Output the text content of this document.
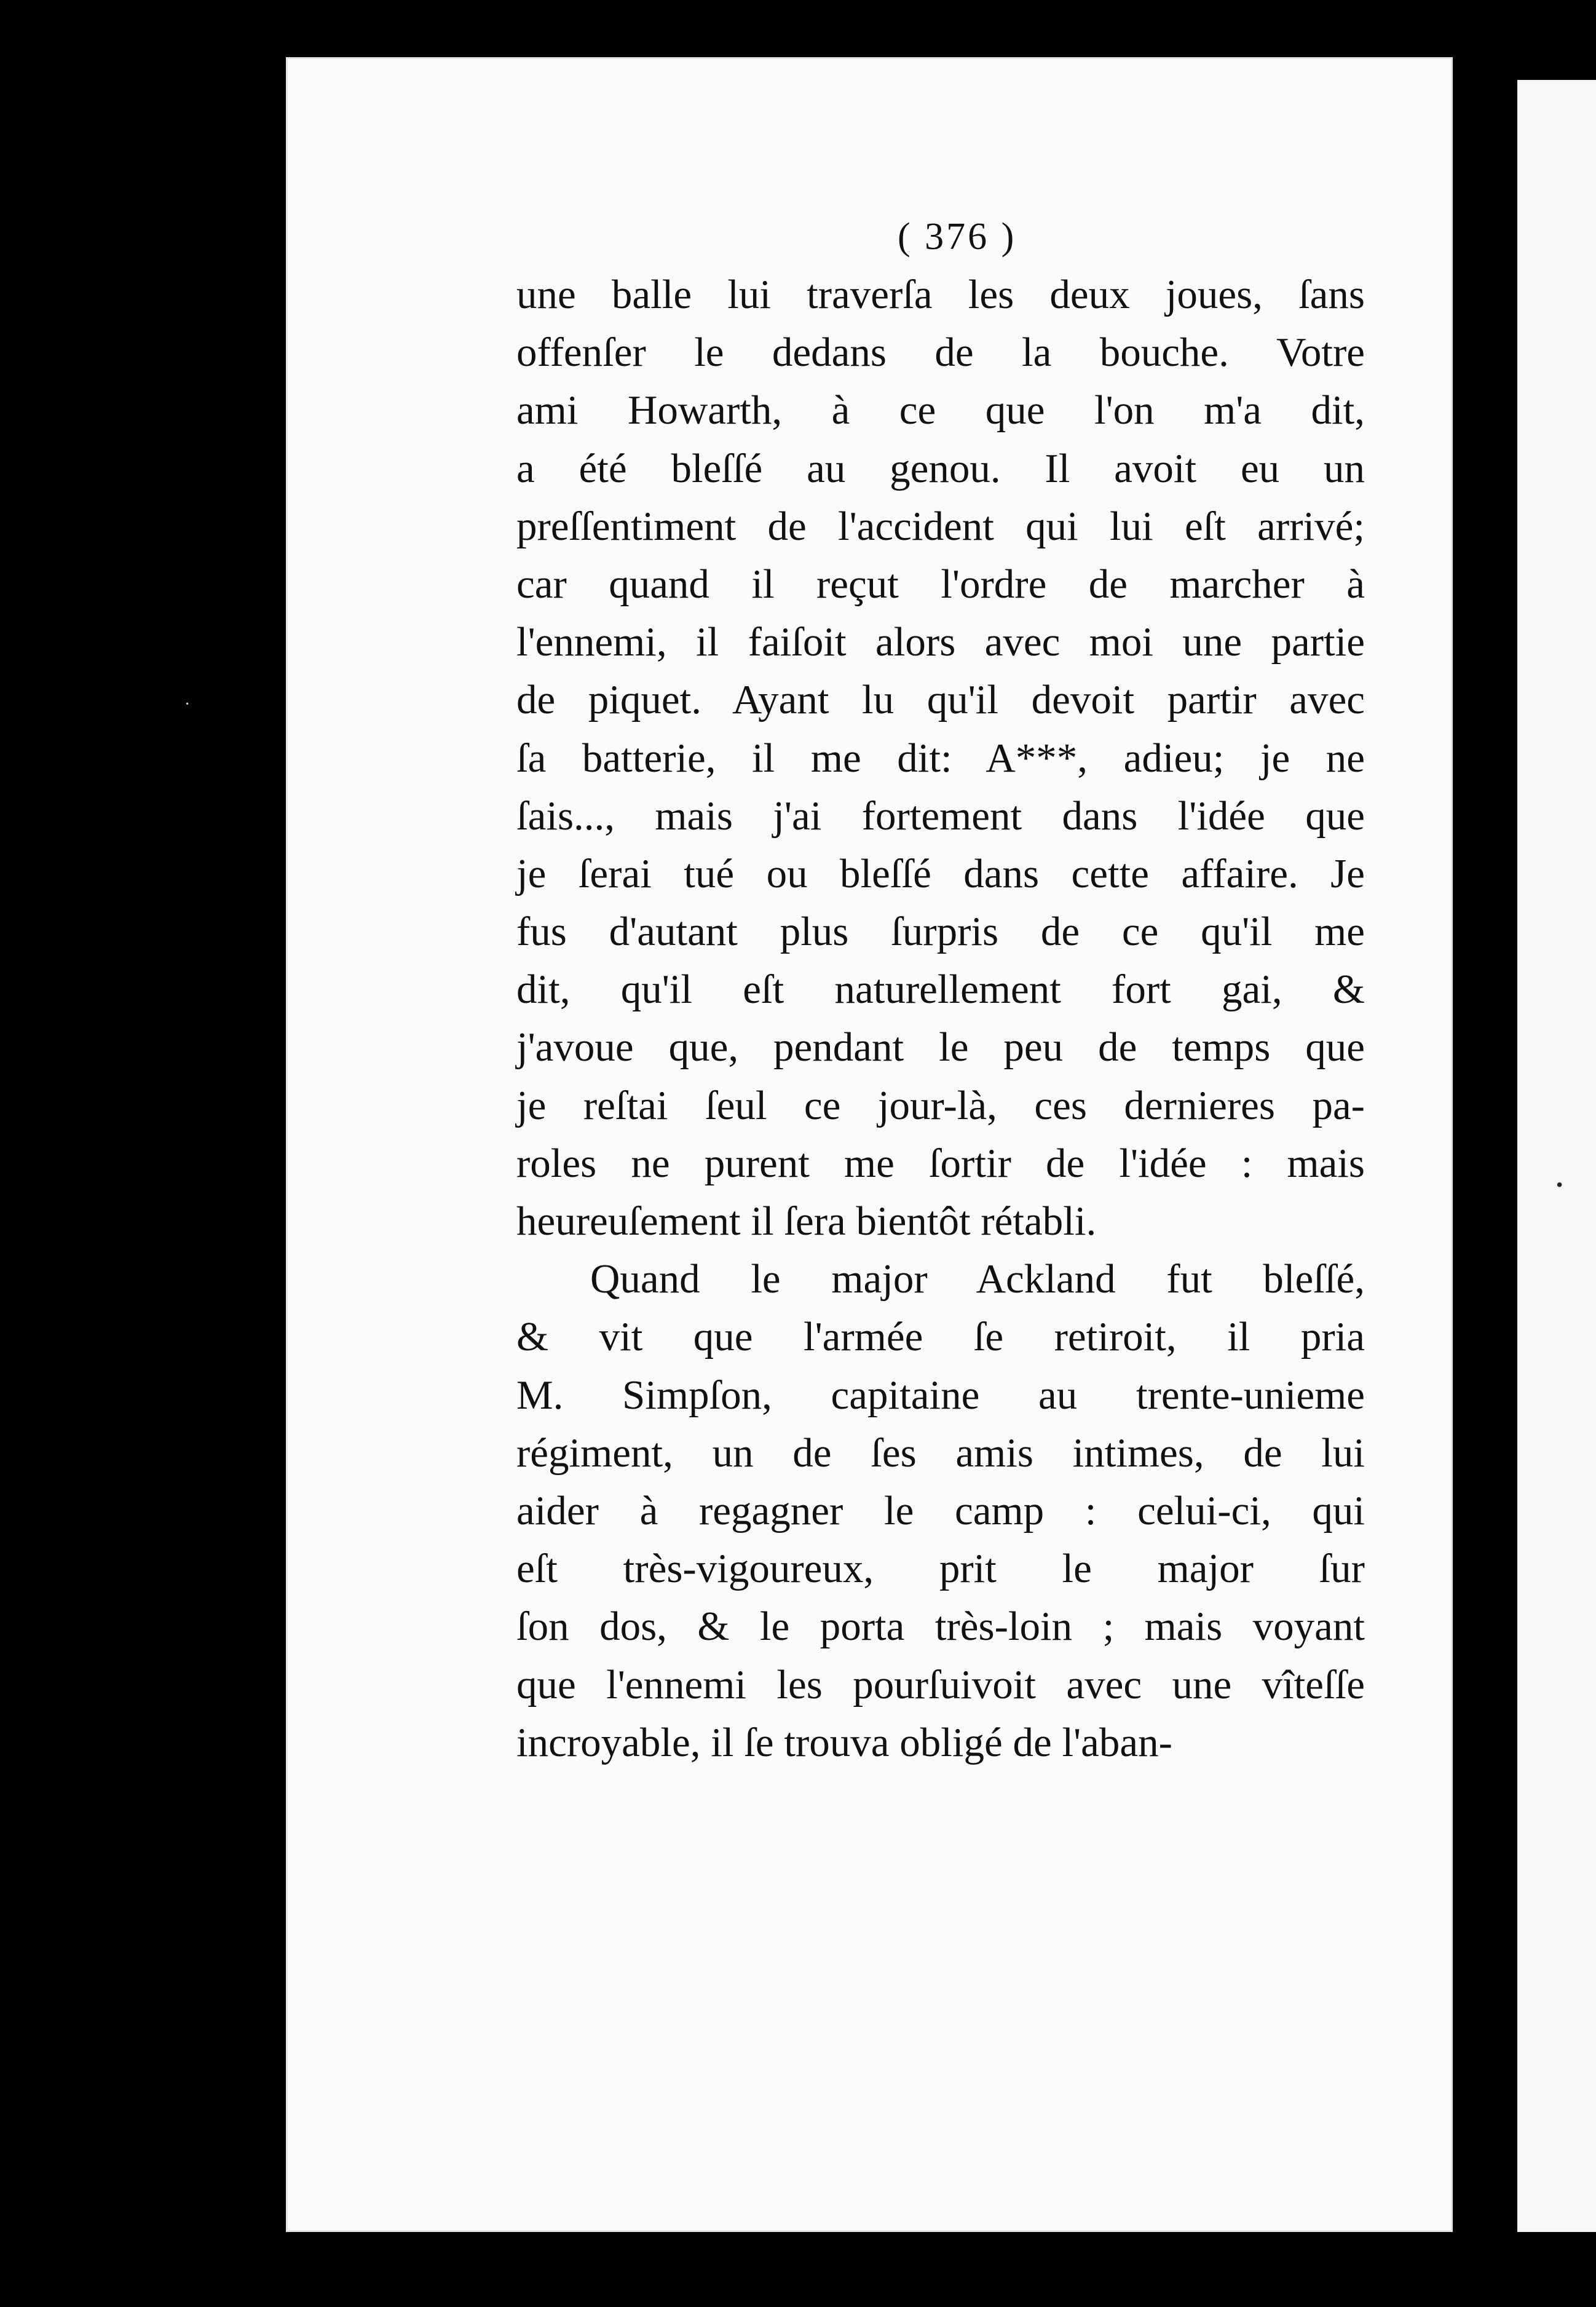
·
·
( 376 )
une balle lui traverſa les deux joues, ſans
offenſer le dedans de la bouche. Votre
ami Howarth, à ce que l'on m'a dit,
a été bleſſé au genou. Il avoit eu un
preſſentiment de l'accident qui lui eſt arrivé;
car quand il reçut l'ordre de marcher à
l'ennemi, il faiſoit alors avec moi une partie
de piquet. Ayant lu qu'il devoit partir avec
ſa batterie, il me dit: A***, adieu; je ne
ſais..., mais j'ai fortement dans l'idée que
je ſerai tué ou bleſſé dans cette affaire. Je
fus d'autant plus ſurpris de ce qu'il me
dit, qu'il eſt naturellement fort gai, &
j'avoue que, pendant le peu de temps que
je reſtai ſeul ce jour-là, ces dernieres pa-
roles ne purent me ſortir de l'idée : mais
heureuſement il ſera bientôt rétabli.
Quand le major Ackland fut bleſſé,
& vit que l'armée ſe retiroit, il pria
M. Simpſon, capitaine au trente-unieme
régiment, un de ſes amis intimes, de lui
aider à regagner le camp : celui-ci, qui
eſt très-vigoureux, prit le major ſur
ſon dos, & le porta très-loin ; mais voyant
que l'ennemi les pourſuivoit avec une vîteſſe
incroyable, il ſe trouva obligé de l'aban-
